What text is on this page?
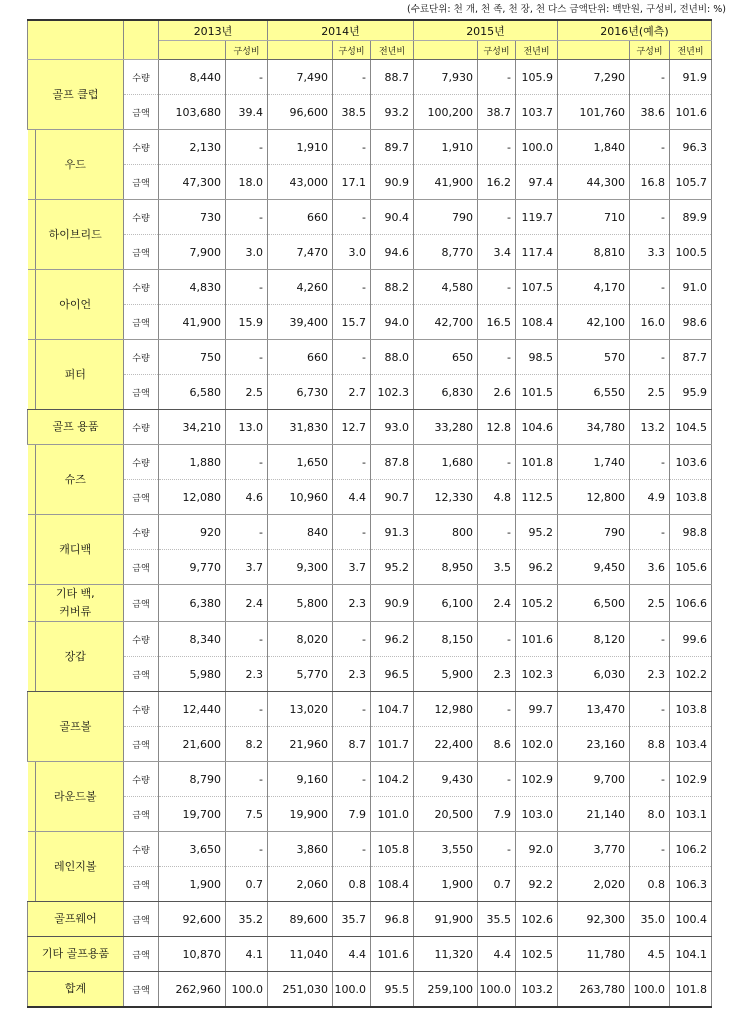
(수료단위: 천 개, 천 족, 천 장, 천 다스 금액단위: 백만원, 구성비, 전년비: %)
		2013년		2014년			2015년			2016년(예측)		
			구성비		구성비	전년비		구성비	전년비		구성비	전년비
골프 클럽	수량	8,440	-	7,490	-	88.7	7,930	-	105.9	7,290	-	91.9
	금액	103,680	39.4	96,600	38.5	93.2	100,200	38.7	103.7	101,760	38.6	101.6
우드	수량	2,130	-	1,910	-	89.7	1,910	-	100.0	1,840	-	96.3
	금액	47,300	18.0	43,000	17.1	90.9	41,900	16.2	97.4	44,300	16.8	105.7
하이브리드	수량	730	-	660	-	90.4	790	-	119.7	710	-	89.9
	금액	7,900	3.0	7,470	3.0	94.6	8,770	3.4	117.4	8,810	3.3	100.5
아이언	수량	4,830	-	4,260	-	88.2	4,580	-	107.5	4,170	-	91.0
	금액	41,900	15.9	39,400	15.7	94.0	42,700	16.5	108.4	42,100	16.0	98.6
퍼터	수량	750	-	660	-	88.0	650	-	98.5	570	-	87.7
	금액	6,580	2.5	6,730	2.7	102.3	6,830	2.6	101.5	6,550	2.5	95.9
골프 용품	수량	34,210	13.0	31,830	12.7	93.0	33,280	12.8	104.6	34,780	13.2	104.5
슈즈	수량	1,880	-	1,650	-	87.8	1,680	-	101.8	1,740	-	103.6
	금액	12,080	4.6	10,960	4.4	90.7	12,330	4.8	112.5	12,800	4.9	103.8
캐디백	수량	920	-	840	-	91.3	800	-	95.2	790	-	98.8
	금액	9,770	3.7	9,300	3.7	95.2	8,950	3.5	96.2	9,450	3.6	105.6
기타 백,
커버류	금액	6,380	2.4	5,800	2.3	90.9	6,100	2.4	105.2	6,500	2.5	106.6
장갑	수량	8,340	-	8,020	-	96.2	8,150	-	101.6	8,120	-	99.6
	금액	5,980	2.3	5,770	2.3	96.5	5,900	2.3	102.3	6,030	2.3	102.2
골프볼	수량	12,440	-	13,020	-	104.7	12,980	-	99.7	13,470	-	103.8
	금액	21,600	8.2	21,960	8.7	101.7	22,400	8.6	102.0	23,160	8.8	103.4
라운드볼	수량	8,790	-	9,160	-	104.2	9,430	-	102.9	9,700	-	102.9
	금액	19,700	7.5	19,900	7.9	101.0	20,500	7.9	103.0	21,140	8.0	103.1
레인지볼	수량	3,650	-	3,860	-	105.8	3,550	-	92.0	3,770	-	106.2
	금액	1,900	0.7	2,060	0.8	108.4	1,900	0.7	92.2	2,020	0.8	106.3
골프웨어	금액	92,600	35.2	89,600	35.7	96.8	91,900	35.5	102.6	92,300	35.0	100.4
기타 골프용품	금액	10,870	4.1	11,040	4.4	101.6	11,320	4.4	102.5	11,780	4.5	104.1
합계	금액	262,960	100.0	251,030	100.0	95.5	259,100	100.0	103.2	263,780	100.0	101.8
